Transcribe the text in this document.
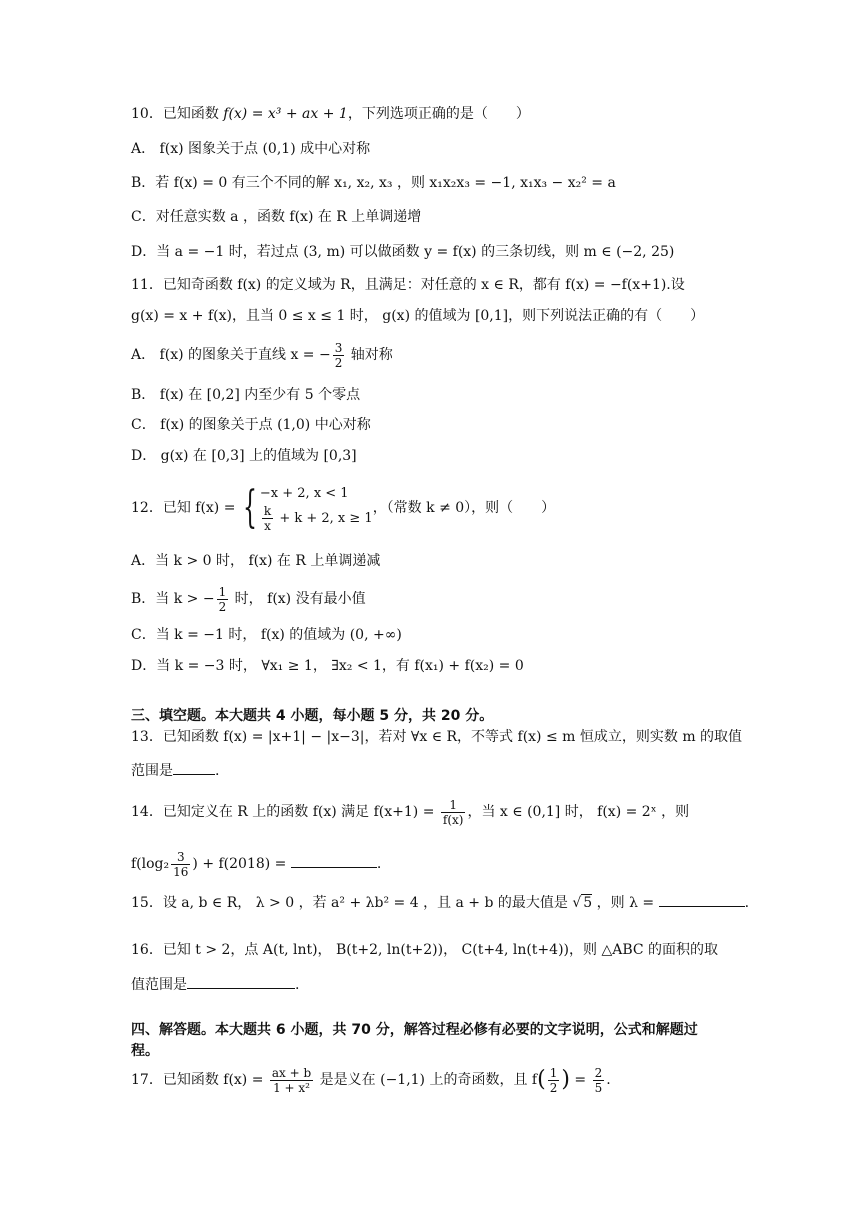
10．已知函数 f(x) = x³ + ax + 1，下列选项正确的是（　　）
A． f(x) 图象关于点 (0,1) 成中心对称
B．若 f(x) = 0 有三个不同的解 x₁, x₂, x₃ ，则 x₁x₂x₃ = −1, x₁x₃ − x₂² = a
C．对任意实数 a ，函数 f(x) 在 R 上单调递增
D．当 a = −1 时，若过点 (3, m) 可以做函数 y = f(x) 的三条切线，则 m ∈ (−2, 25)
11．已知奇函数 f(x) 的定义域为 R，且满足：对任意的 x ∈ R，都有 f(x) = −f(x+1).设
g(x) = x + f(x)，且当 0 ≤ x ≤ 1 时， g(x) 的值域为 [0,1]，则下列说法正确的有（　　）
A． f(x) 的图象关于直线 x = − $\frac{3}{2}$ 轴对称
B． f(x) 在 [0,2] 内至少有 5 个零点
C． f(x) 的图象关于点 (1,0) 中心对称
D． g(x) 在 [0,3] 上的值域为 [0,3]
12．已知 f(x) = { −x + 2, x < 1
$\frac{k}{x} + k + 2$, x ≥ 1
，（常数 k ≠ 0），则（　　）
A．当 k > 0 时， f(x) 在 R 上单调递减
B．当 k > − $\frac{1}{2}$ 时， f(x) 没有最小值
C．当 k = −1 时， f(x) 的值域为 (0, +∞)
D．当 k = −3 时， ∀x₁ ≥ 1， ∃x₂ < 1，有 f(x₁) + f(x₂) = 0
三、填空题。本大题共 4 小题，每小题 5 分，共 20 分。
13．已知函数 f(x) = |x+1| − |x−3|，若对 ∀x ∈ R，不等式 f(x) ≤ m 恒成立，则实数 m 的取值
范围是	.
14．已知定义在 R 上的函数 f(x) 满足 $f(x+1) = \frac{1}{f(x)}$ ，当 x ∈ (0,1] 时， f(x) = 2ˣ ，则
$f(\log_2 \frac{3}{16}$ ) + f(2018) =	.
15．设 a, b ∈ R， λ > 0 ，若 a² + λb² = 4 ，且 a + b 的最大值是 √ 5 ，则 λ =	.
16．已知 t > 2，点 A(t, lnt)， B(t+2, ln(t+2))， C(t+4, ln(t+4))，则 △ABC 的面积的取
值范围是	.
四、解答题。本大题共 6 小题，共 70 分，解答过程必修有必要的文字说明，公式和解题过
程。
17．已知函数 $f(x) = \frac{ax + b}{\text{1 + x²}}$ 是是义在 (−1,1) 上的奇函数，且 $f( \frac{1}{2}$ ) = $\frac{2}{5}$ .
